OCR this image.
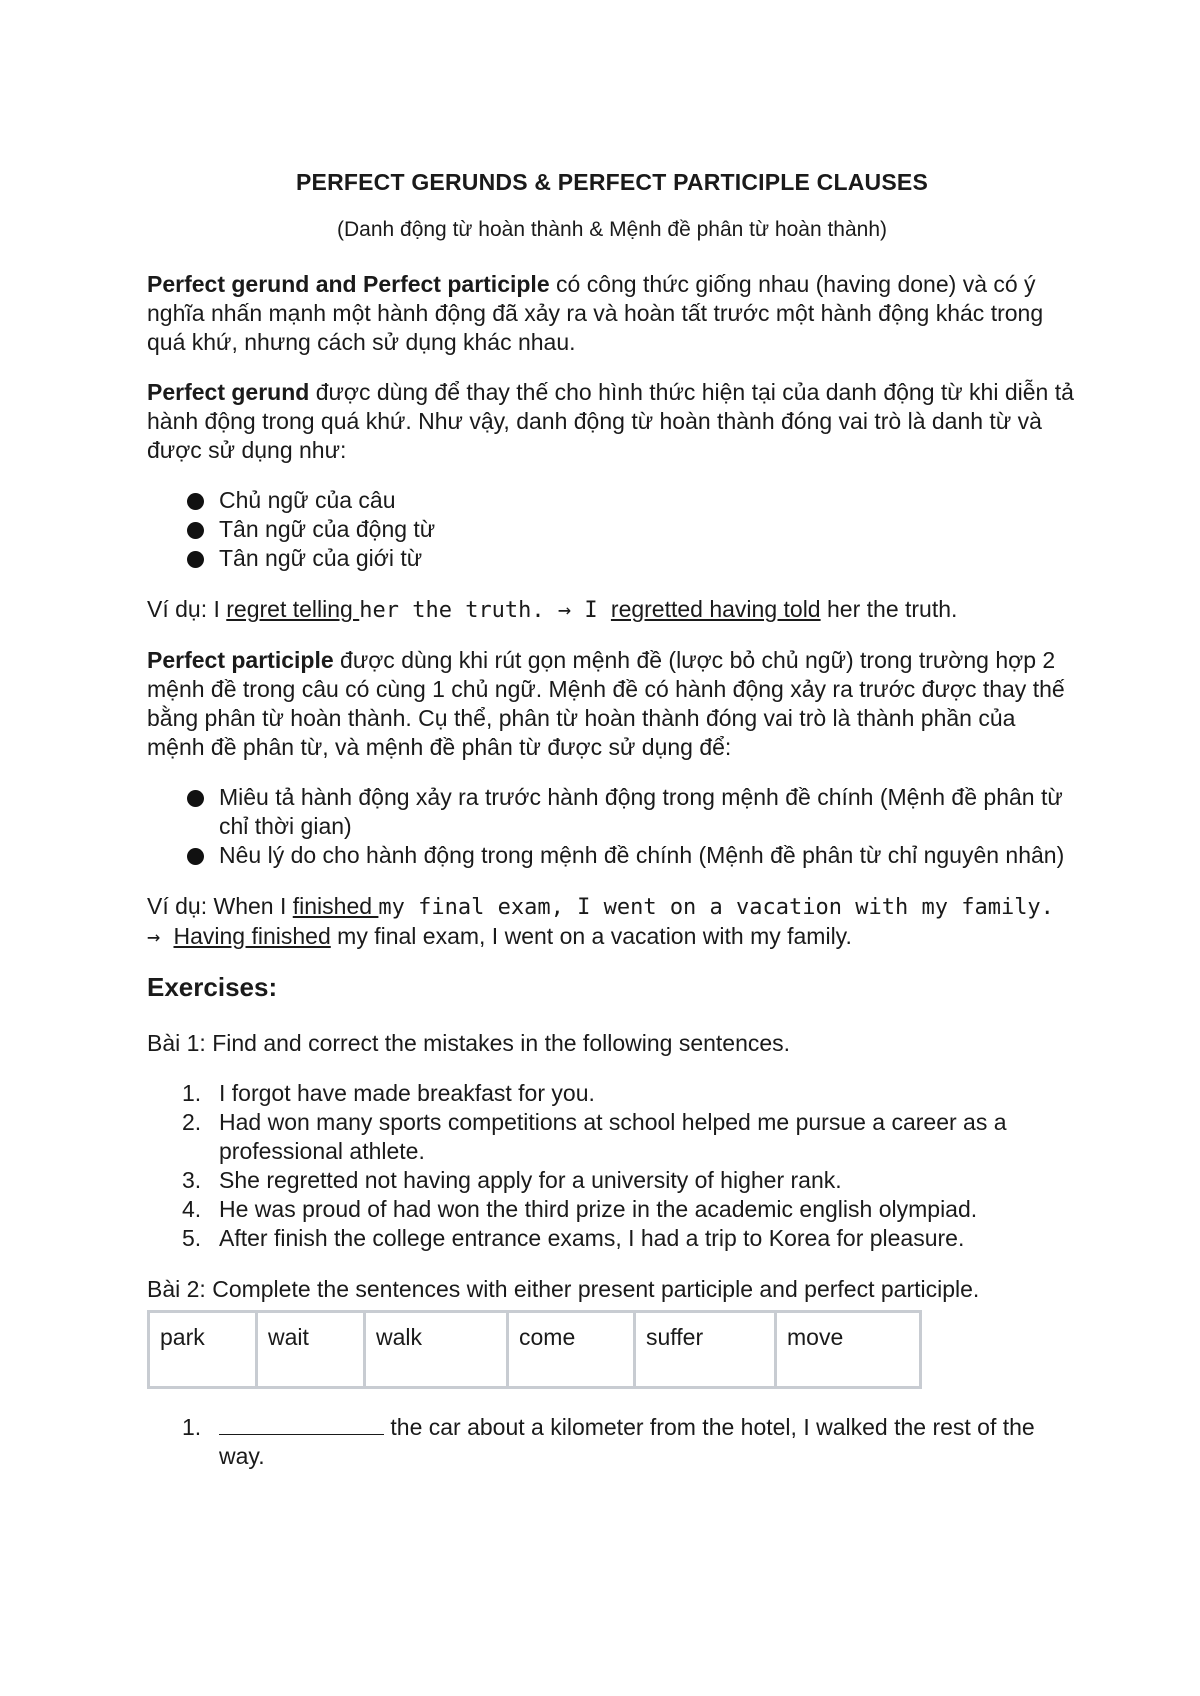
PERFECT GERUNDS & PERFECT PARTICIPLE CLAUSES
(Danh động từ hoàn thành & Mệnh đề phân từ hoàn thành)

Perfect gerund and Perfect participle có công thức giống nhau (having done) và có ý nghĩa nhấn mạnh một hành động đã xảy ra và hoàn tất trước một hành động khác trong quá khứ, nhưng cách sử dụng khác nhau.

Perfect gerund được dùng để thay thế cho hình thức hiện tại của danh động từ khi diễn tả hành động trong quá khứ. Như vậy, danh động từ hoàn thành đóng vai trò là danh từ và được sử dụng như:

Chủ ngữ của câu
Tân ngữ của động từ
Tân ngữ của giới từ

Ví dụ: I regret telling her the truth. → I regretted having told her the truth.

Perfect participle được dùng khi rút gọn mệnh đề (lược bỏ chủ ngữ) trong trường hợp 2 mệnh đề trong câu có cùng 1 chủ ngữ. Mệnh đề có hành động xảy ra trước được thay thế bằng phân từ hoàn thành. Cụ thể, phân từ hoàn thành đóng vai trò là thành phần của mệnh đề phân từ, và mệnh đề phân từ được sử dụng để:

Miêu tả hành động xảy ra trước hành động trong mệnh đề chính (Mệnh đề phân từ chỉ thời gian)
Nêu lý do cho hành động trong mệnh đề chính (Mệnh đề phân từ chỉ nguyên nhân)

Ví dụ: When I finished my final exam, I went on a vacation with my family. → Having finished my final exam, I went on a vacation with my family.

Exercises:

Bài 1: Find and correct the mistakes in the following sentences.

1. I forgot have made breakfast for you.
2. Had won many sports competitions at school helped me pursue a career as a professional athlete.
3. She regretted not having apply for a university of higher rank.
4. He was proud of had won the third prize in the academic english olympiad.
5. After finish the college entrance exams, I had a trip to Korea for pleasure.

Bài 2: Complete the sentences with either present participle and perfect participle.

park	wait	walk	come	suffer	move
1.	the car about a kilometer from the hotel, I walked the rest of the way.
